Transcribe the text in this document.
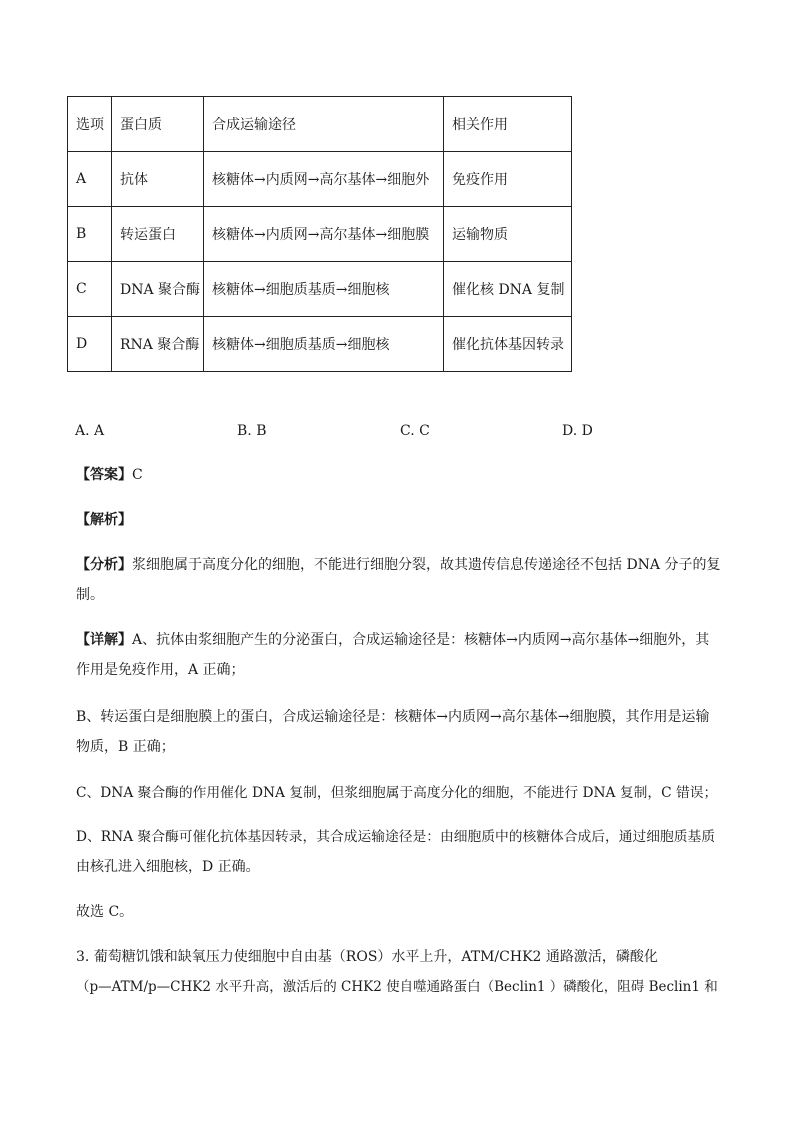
选项	蛋白质	合成运输途径	相关作用
A	抗体	核糖体→内质网→高尔基体→细胞外	免疫作用
B	转运蛋白	核糖体→内质网→高尔基体→细胞膜	运输物质
C	DNA 聚合酶	核糖体→细胞质基质→细胞核	催化核 DNA 复制
D	RNA 聚合酶	核糖体→细胞质基质→细胞核	催化抗体基因转录
A. A	B. B	C. C	D. D
【答案】C
【解析】
【分析】浆细胞属于高度分化的细胞，不能进行细胞分裂，故其遗传信息传递途径不包括 DNA 分子的复
制。
【详解】A、抗体由浆细胞产生的分泌蛋白，合成运输途径是：核糖体→内质网→高尔基体→细胞外，其
作用是免疫作用，A 正确；
B、转运蛋白是细胞膜上的蛋白，合成运输途径是：核糖体→内质网→高尔基体→细胞膜，其作用是运输
物质，B 正确；
C、DNA 聚合酶的作用催化 DNA 复制，但浆细胞属于高度分化的细胞，不能进行 DNA 复制，C 错误；
D、RNA 聚合酶可催化抗体基因转录，其合成运输途径是：由细胞质中的核糖体合成后，通过细胞质基质
由核孔进入细胞核，D 正确。
故选 C。
3. 葡萄糖饥饿和缺氧压力使细胞中自由基（ROS）水平上升，ATM/CHK2 通路激活，磷酸化
（p—ATM/p—CHK2 水平升高，激活后的 CHK2 使自噬通路蛋白（Beclin1 ）磷酸化，阻碍 Beclin1 和
